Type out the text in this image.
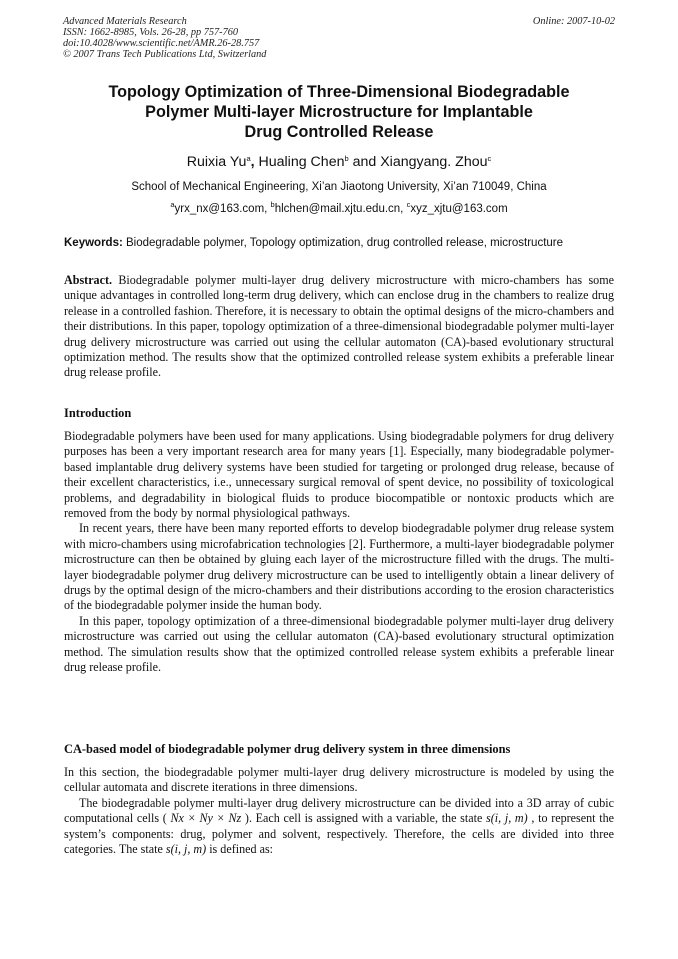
Advanced Materials Research
ISSN: 1662-8985, Vols. 26-28, pp 757-760
doi:10.4028/www.scientific.net/AMR.26-28.757
© 2007 Trans Tech Publications Ltd, Switzerland
Online: 2007-10-02
Topology Optimization of Three-Dimensional Biodegradable
Polymer Multi-layer Microstructure for Implantable
Drug Controlled Release
Ruixia Yu$^a$, Hualing Chen$^b$ and Xiangyang. Zhou$^c$
School of Mechanical Engineering, Xi’an Jiaotong University, Xi’an 710049, China
$^a$yrx_nx@163.com, $^b$hlchen@mail.xjtu.edu.cn, $^c$xyz_xjtu@163.com
Keywords: Biodegradable polymer, Topology optimization, drug controlled release, microstructure

Abstract. Biodegradable polymer multi-layer drug delivery microstructure with micro-chambers has some unique advantages in controlled long-term drug delivery, which can enclose drug in the chambers to realize drug release in a controlled fashion. Therefore, it is necessary to obtain the optimal designs of the micro-chambers and their distributions. In this paper, topology optimization of a three-dimensional biodegradable polymer multi-layer drug delivery microstructure was carried out using the cellular automaton (CA)-based evolutionary structural optimization method. The results show that the optimized controlled release system exhibits a preferable linear drug release profile.

Introduction

Biodegradable polymers have been used for many applications. Using biodegradable polymers for drug delivery purposes has been a very important research area for many years [1]. Especially, many biodegradable polymer-based implantable drug delivery systems have been studied for targeting or prolonged drug release, because of their excellent characteristics, i.e., unnecessary surgical removal of spent device, no possibility of toxicological problems, and degradability in biological fluids to produce biocompatible or nontoxic products which are removed from the body by normal physiological pathways.

In recent years, there have been many reported efforts to develop biodegradable polymer drug release system with micro-chambers using microfabrication technologies [2]. Furthermore, a multi-layer biodegradable polymer microstructure can then be obtained by gluing each layer of the microstructure filled with the drugs. The multi-layer biodegradable polymer drug delivery microstructure can be used to intelligently obtain a linear delivery of drugs by the optimal design of the micro-chambers and their distributions according to the erosion characteristics of the biodegradable polymer inside the human body.

In this paper, topology optimization of a three-dimensional biodegradable polymer multi-layer drug delivery microstructure was carried out using the cellular automaton (CA)-based evolutionary structural optimization method. The simulation results show that the optimized controlled release system exhibits a preferable linear drug release profile.

CA-based model of biodegradable polymer drug delivery system in three dimensions

In this section, the biodegradable polymer multi-layer drug delivery microstructure is modeled by using the cellular automata and discrete iterations in three dimensions.

The biodegradable polymer multi-layer drug delivery microstructure can be divided into a 3D array of cubic computational cells ( Nx × Ny × Nz ). Each cell is assigned with a variable, the state s(i, j, m) , to represent the system’s components: drug, polymer and solvent, respectively. Therefore, the cells are divided into three categories. The state s(i, j, m) is defined as:
